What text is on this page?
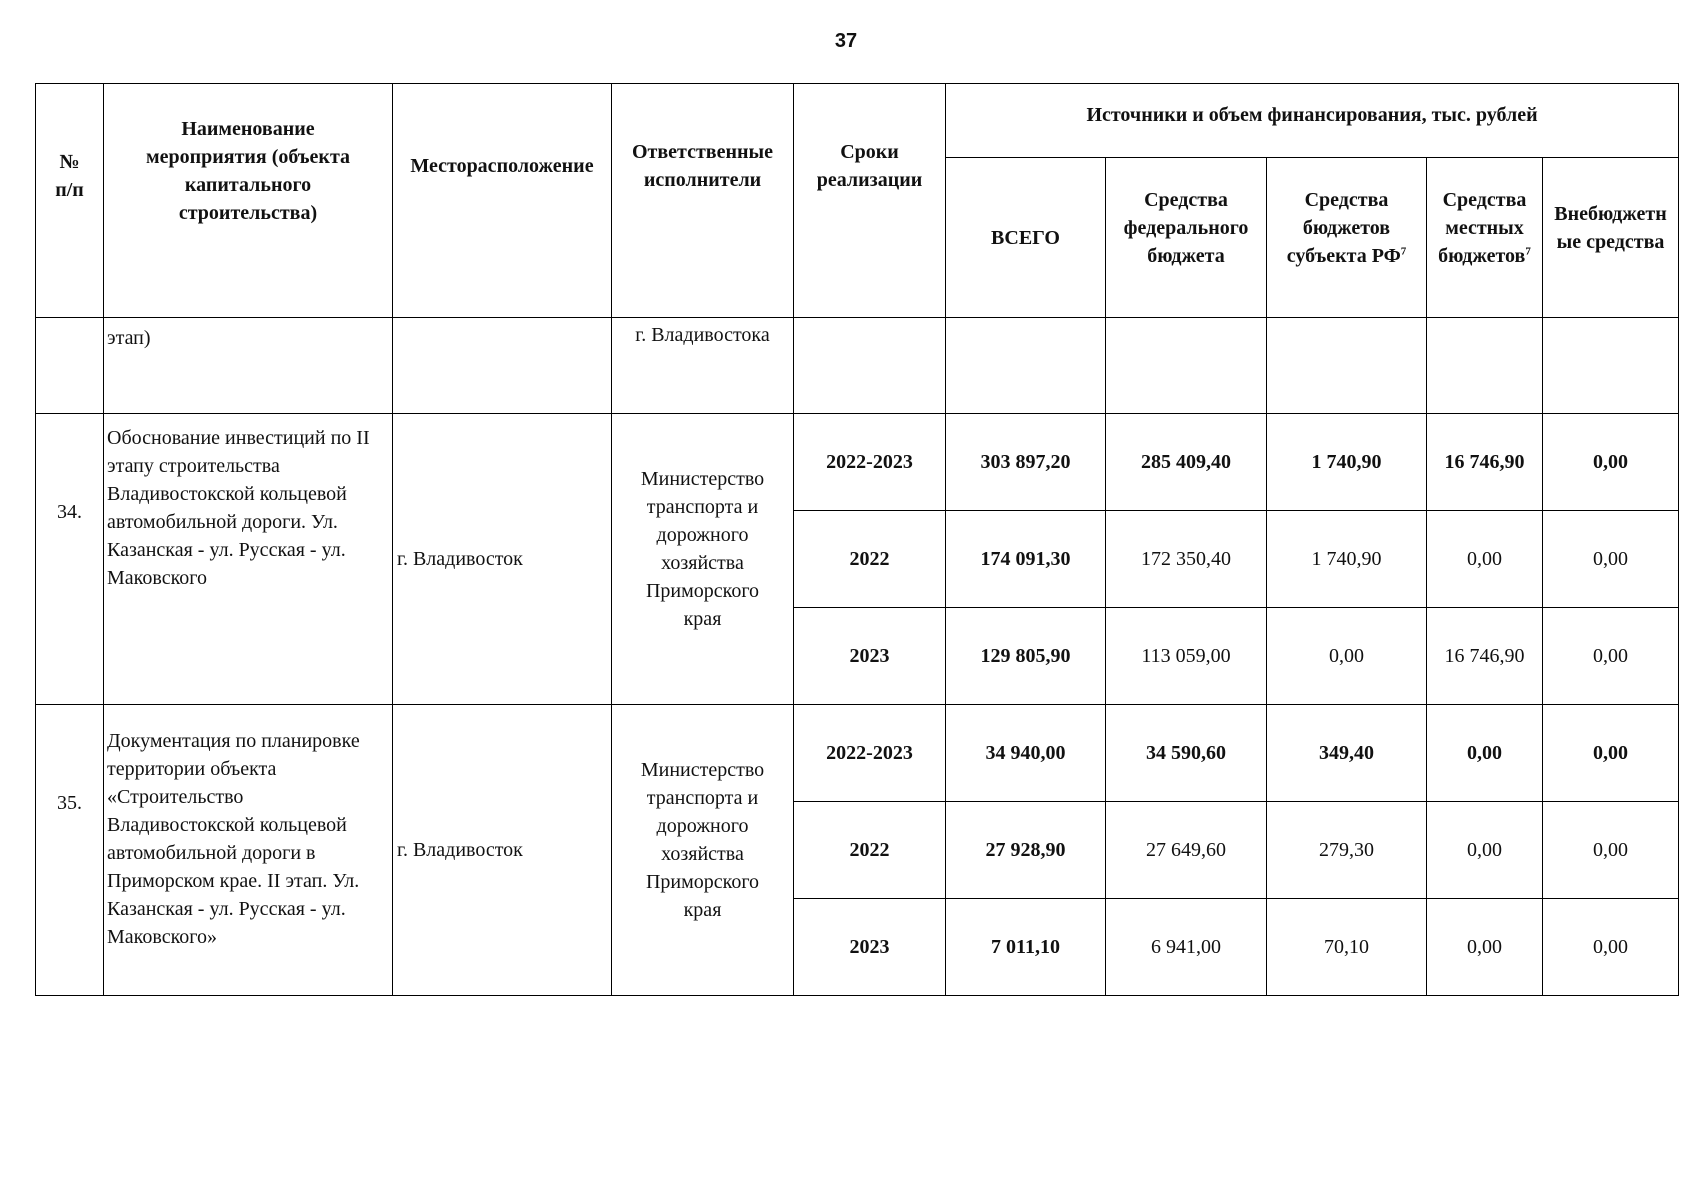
37
№
п/п	Наименование мероприятия (объекта капитального строительства)	Месторасположение	Ответственные исполнители	Сроки реализации	Источники и объем финансирования, тыс. рублей				
					ВСЕГО	Средства федерального бюджета	Средства бюджетов субъекта $РФ^7$	Средства местных бюджетов$^7$	Внебюджетн ые средства
	этап)		г. Владивостока						
34.	Обоснование инвестиций по II этапу строительства Владивостокской кольцевой автомобильной дороги. Ул. Казанская - ул. Русская - ул. Маковского	г. Владивосток	Министерство транспорта и дорожного хозяйства Приморского края	2022-2023	303 897,20	285 409,40	1 740,90	16 746,90	0,00
				2022	174 091,30	172 350,40	1 740,90	0,00	0,00
				2023	129 805,90	113 059,00	0,00	16 746,90	0,00
35.	Документация по планировке территории объекта «Строительство Владивостокской кольцевой автомобильной дороги в Приморском крае. II этап. Ул. Казанская - ул. Русская - ул. Маковского»	г. Владивосток	Министерство транспорта и дорожного хозяйства Приморского края	2022-2023	34 940,00	34 590,60	349,40	0,00	0,00
				2022	27 928,90	27 649,60	279,30	0,00	0,00
				2023	7 011,10	6 941,00	70,10	0,00	0,00
